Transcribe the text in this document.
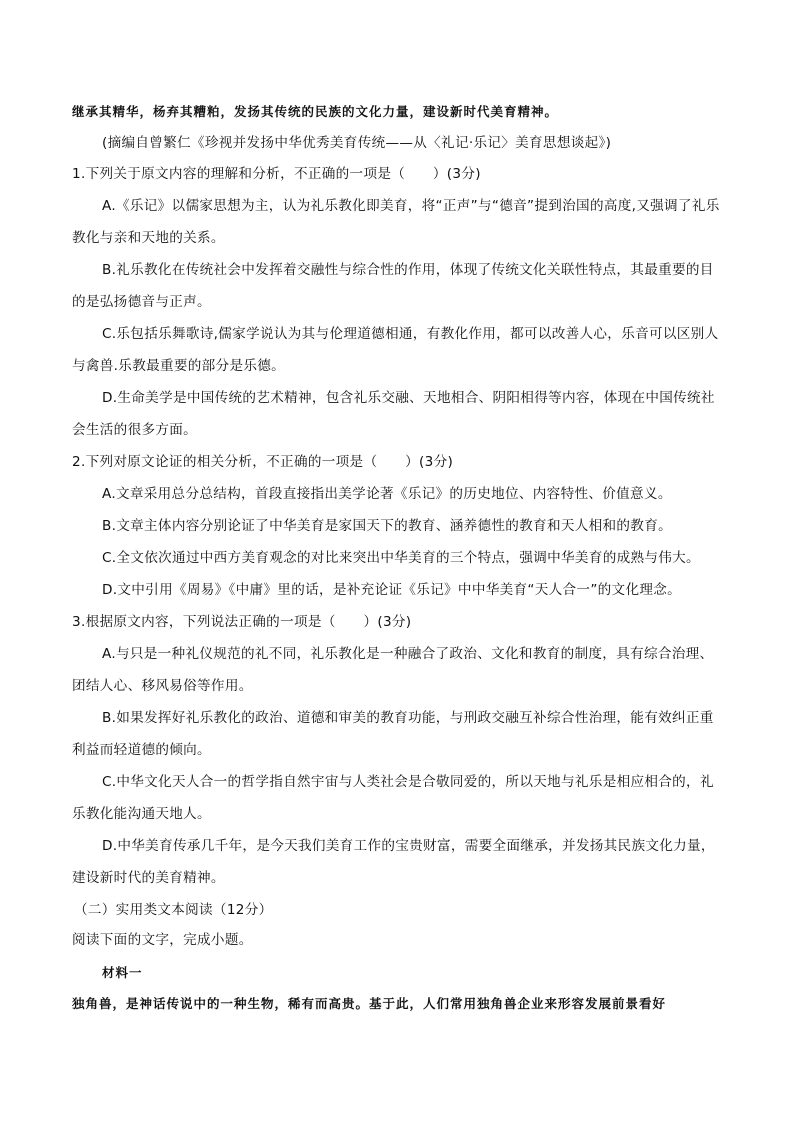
继承其精华，杨弃其糟粕，发扬其传统的民族的文化力量，建设新时代美育精神。
(摘编自曾繁仁《珍视并发扬中华优秀美育传统——从〈礼记·乐记〉美育思想谈起》)
1.下列关于原文内容的理解和分析，不正确的一项是（　　）(3分)
A.《乐记》以儒家思想为主，认为礼乐教化即美育，将“正声”与“德音”提到治国的高度,又强调了礼乐
教化与亲和天地的关系。
B.礼乐教化在传统社会中发挥着交融性与综合性的作用，体现了传统文化关联性特点，其最重要的目
的是弘扬德音与正声。
C.乐包括乐舞歌诗,儒家学说认为其与伦理道德相通，有教化作用，都可以改善人心，乐音可以区别人
与禽兽.乐教最重要的部分是乐德。
D.生命美学是中国传统的艺术精神，包含礼乐交融、天地相合、阴阳相得等内容，体现在中国传统社
会生活的很多方面。
2.下列对原文论证的相关分析，不正确的一项是（　　）(3分)
A.文章采用总分总结构，首段直接指出美学论著《乐记》的历史地位、内容特性、价值意义。
B.文章主体内容分别论证了中华美育是家国天下的教育、涵养德性的教育和天人相和的教育。
C.全文依次通过中西方美育观念的对比来突出中华美育的三个特点，强调中华美育的成熟与伟大。
D.文中引用《周易》《中庸》里的话，是补充论证《乐记》中中华美育“天人合一”的文化理念。
3.根据原文内容，下列说法正确的一项是（　　）(3分)
A.与只是一种礼仪规范的礼不同，礼乐教化是一种融合了政治、文化和教育的制度，具有综合治理、
团结人心、移风易俗等作用。
B.如果发挥好礼乐教化的政治、道德和审美的教育功能，与刑政交融互补综合性治理，能有效纠正重
利益而轻道德的倾向。
C.中华文化天人合一的哲学指自然宇宙与人类社会是合敬同爱的，所以天地与礼乐是相应相合的，礼
乐教化能沟通天地人。
D.中华美育传承几千年，是今天我们美育工作的宝贵财富，需要全面继承，并发扬其民族文化力量，
建设新时代的美育精神。
（二）实用类文本阅读（12分）
阅读下面的文字，完成小题。
材料一
独角兽，是神话传说中的一种生物，稀有而高贵。基于此，人们常用独角兽企业来形容发展前景看好
